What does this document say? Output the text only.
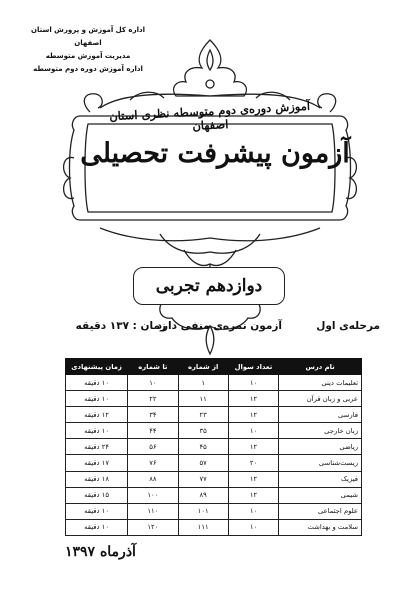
اداره کل آموزش و پرورش استان اصفهان
مدیریت آموزش متوسطه
اداره آموزش دوره دوم متوسطه
آموزش دوره‌ی دوم متوسطه نظری استان اصفهان
آزمون پیشرفت تحصیلی
دوازدهم تجربی
مرحله‌ی اول
آزمون نمره‌ی منفی دارد
زمان : ۱۳۷ دقیقه
نام درس	تعداد سوال	از شماره	تا شماره	زمان پیشنهادی
تعلیمات دینی	۱۰	۱	۱۰	۱۰ دقیقه
عربی و زبان قرآن	۱۲	۱۱	۲۲	۱۰ دقیقه
فارسی	۱۲	۲۳	۳۴	۱۲ دقیقه
زبان خارجی	۱۰	۳۵	۴۴	۱۰ دقیقه
ریاضی	۱۲	۴۵	۵۶	۲۴ دقیقه
زیست‌شناسی	۲۰	۵۷	۷۶	۱۷ دقیقه
فیزیک	۱۲	۷۷	۸۸	۱۸ دقیقه
شیمی	۱۲	۸۹	۱۰۰	۱۵ دقیقه
علوم اجتماعی	۱۰	۱۰۱	۱۱۰	۱۰ دقیقه
سلامت و بهداشت	۱۰	۱۱۱	۱۲۰	۱۰ دقیقه
آذرماه ۱۳۹۷
